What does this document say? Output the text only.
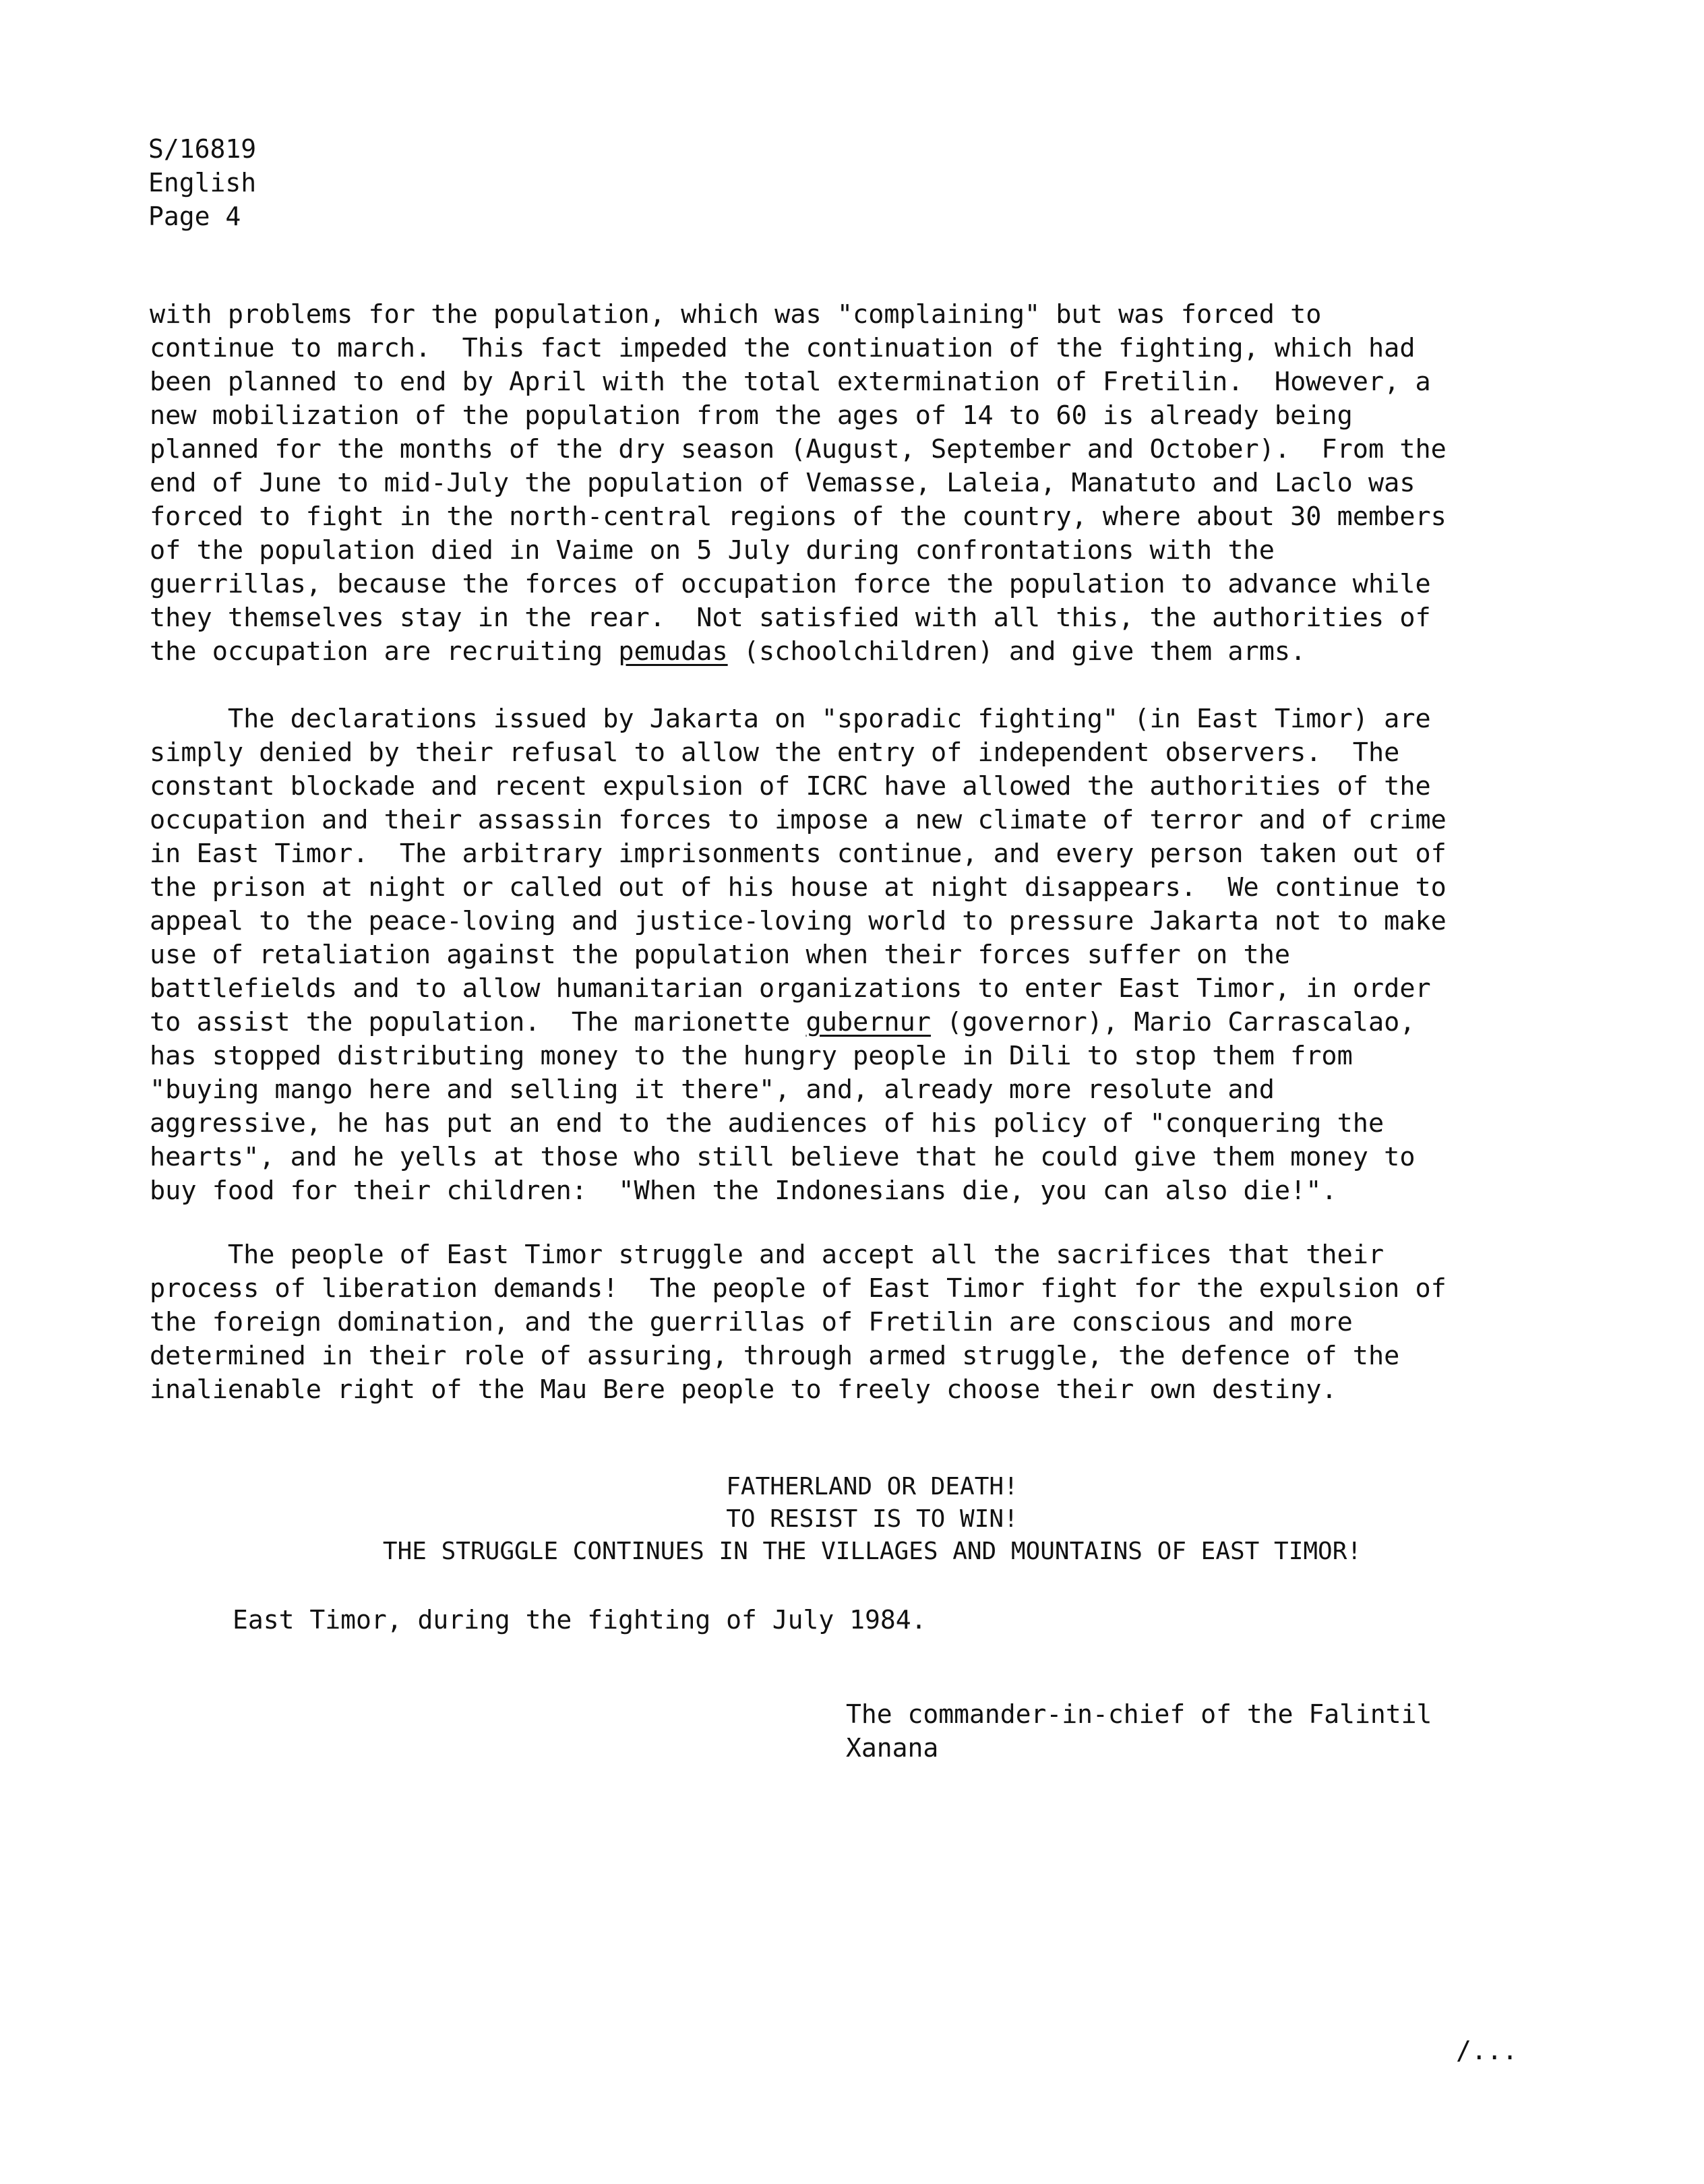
S/16819
English
Page 4

with problems for the population, which was "complaining" but was forced to
continue to march.  This fact impeded the continuation of the fighting, which had
been planned to end by April with the total extermination of Fretilin.  However, a
new mobilization of the population from the ages of 14 to 60 is already being
planned for the months of the dry season (August, September and October).  From the
end of June to mid-July the population of Vemasse, Laleia, Manatuto and Laclo was
forced to fight in the north-central regions of the country, where about 30 members
of the population died in Vaime on 5 July during confrontations with the
guerrillas, because the forces of occupation force the population to advance while
they themselves stay in the rear.  Not satisfied with all this, the authorities of
the occupation are recruiting pemudas (schoolchildren) and give them arms.

The declarations issued by Jakarta on "sporadic fighting" (in East Timor) are
simply denied by their refusal to allow the entry of independent observers.  The
constant blockade and recent expulsion of ICRC have allowed the authorities of the
occupation and their assassin forces to impose a new climate of terror and of crime
in East Timor.  The arbitrary imprisonments continue, and every person taken out of
the prison at night or called out of his house at night disappears.  We continue to
appeal to the peace-loving and justice-loving world to pressure Jakarta not to make
use of retaliation against the population when their forces suffer on the
battlefields and to allow humanitarian organizations to enter East Timor, in order
to assist the population.  The marionette gubernur (governor), Mario Carrascalao,
has stopped distributing money to the hungry people in Dili to stop them from
"buying mango here and selling it there", and, already more resolute and
aggressive, he has put an end to the audiences of his policy of "conquering the
hearts", and he yells at those who still believe that he could give them money to
buy food for their children:  "When the Indonesians die, you can also die!".

The people of East Timor struggle and accept all the sacrifices that their
process of liberation demands!  The people of East Timor fight for the expulsion of
the foreign domination, and the guerrillas of Fretilin are conscious and more
determined in their role of assuring, through armed struggle, the defence of the
inalienable right of the Mau Bere people to freely choose their own destiny.

FATHERLAND OR DEATH!
TO RESIST IS TO WIN!
THE STRUGGLE CONTINUES IN THE VILLAGES AND MOUNTAINS OF EAST TIMOR!
East Timor, during the fighting of July 1984.
The commander-in-chief of the Falintil
Xanana
/...
